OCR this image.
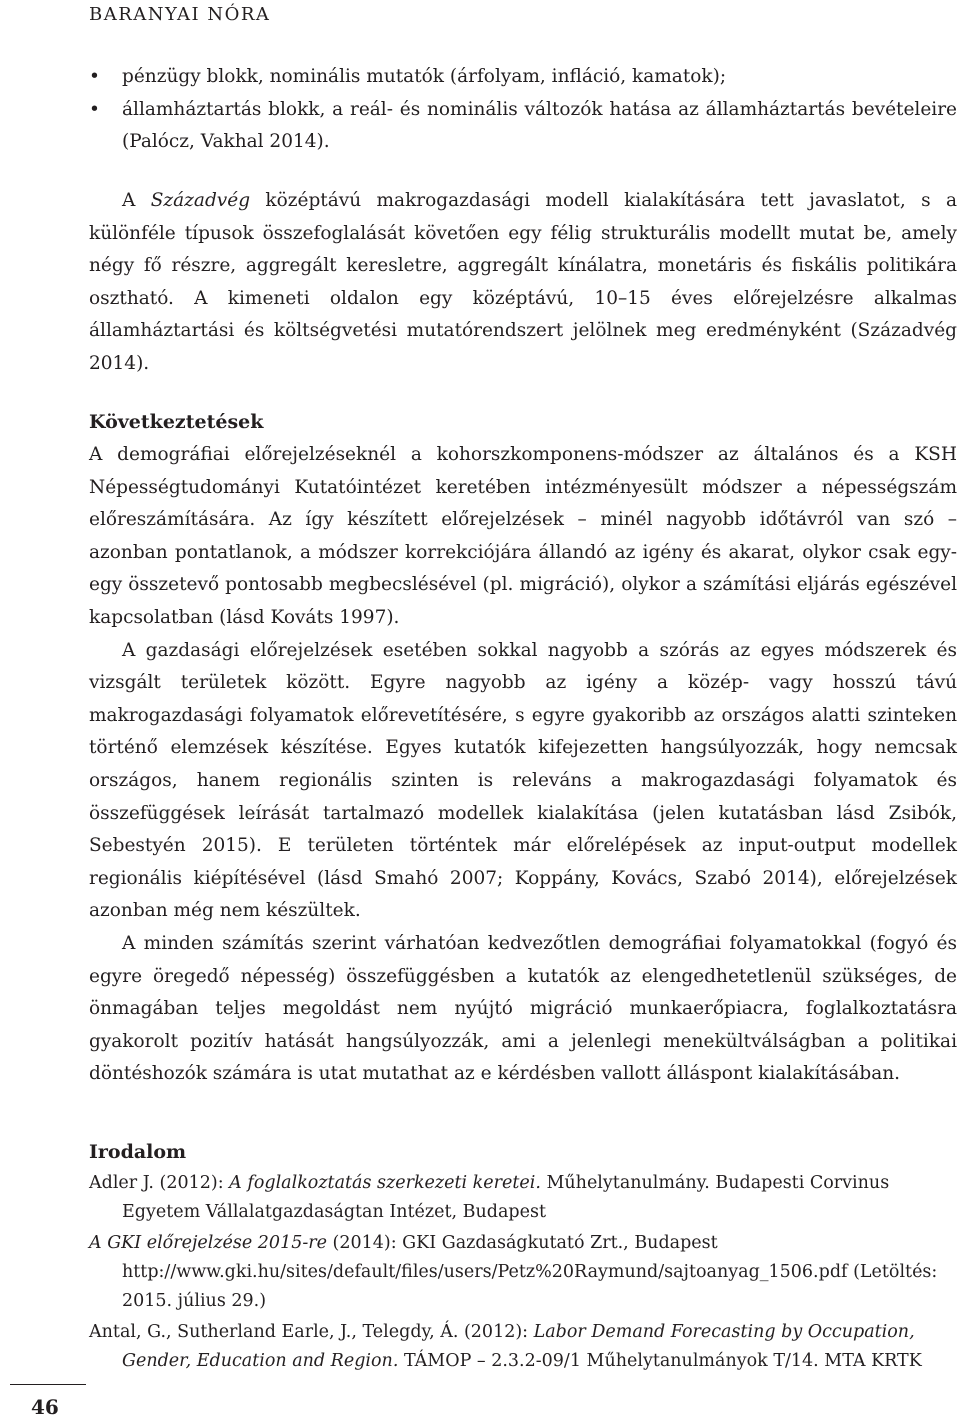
BARANYAI NÓRA
• pénzügy blokk, nominális mutatók (árfolyam, infláció, kamatok);
• államháztartás blokk, a reál- és nominális változók hatása az államháztartás bevételeire (Palócz, Vakhal 2014).

A Századvég középtávú makrogazdasági modell kialakítására tett javaslatot, s a különféle típusok összefoglalását követően egy félig strukturális modellt mutat be, amely négy fő részre, aggregált keresletre, aggregált kínálatra, monetáris és fiskális politikára osztható. A kimeneti oldalon egy középtávú, 10–15 éves előrejelzésre alkalmas államháztartási és költségvetési mutatórendszert jelölnek meg eredményként (Századvég 2014).

Következtetések

A demográfiai előrejelzéseknél a kohorszkomponens-módszer az általános és a KSH Népességtudományi Kutatóintézet keretében intézményesült módszer a népességszám előreszámítására. Az így készített előrejelzések – minél nagyobb időtávról van szó – azonban pontatlanok, a módszer korrekciójára állandó az igény és akarat, olykor csak egy-egy összetevő pontosabb megbecslésével (pl. migráció), olykor a számítási eljárás egészével kapcsolatban (lásd Kováts 1997).

A gazdasági előrejelzések esetében sokkal nagyobb a szórás az egyes módszerek és vizsgált területek között. Egyre nagyobb az igény a közép- vagy hosszú távú makrogazdasági folyamatok előrevetítésére, s egyre gyakoribb az országos alatti szinteken történő elemzések készítése. Egyes kutatók kifejezetten hangsúlyozzák, hogy nemcsak országos, hanem regionális szinten is releváns a makrogazdasági folyamatok és összefüggések leírását tartalmazó modellek kialakítása (jelen kutatásban lásd Zsibók, Sebestyén 2015). E területen történtek már előrelépések az input-output modellek regionális kiépítésével (lásd Smahó 2007; Koppány, Kovács, Szabó 2014), előrejelzések azonban még nem készültek.

A minden számítás szerint várhatóan kedvezőtlen demográfiai folyamatokkal (fogyó és egyre öregedő népesség) összefüggésben a kutatók az elengedhetetlenül szükséges, de önmagában teljes megoldást nem nyújtó migráció munkaerőpiacra, foglalkoztatásra gyakorolt pozitív hatását hangsúlyozzák, ami a jelenlegi menekültválságban a politikai döntéshozók számára is utat mutathat az e kérdésben vallott álláspont kialakításában.

Irodalom

Adler J. (2012): A foglalkoztatás szerkezeti keretei. Műhelytanulmány. Budapesti Corvinus Egyetem Vállalatgazdaságtan Intézet, Budapest

A GKI előrejelzése 2015-re (2014): GKI Gazdaságkutató Zrt., Budapest http://www.gki.hu/sites/default/files/users/Petz%20Raymund/sajtoanyag_1506.pdf (Letöltés: 2015. július 29.)

Antal, G., Sutherland Earle, J., Telegdy, Á. (2012): Labor Demand Forecasting by Occupation, Gender, Education and Region. TÁMOP – 2.3.2-09/1 Műhelytanulmányok T/14. MTA KRTK

46
